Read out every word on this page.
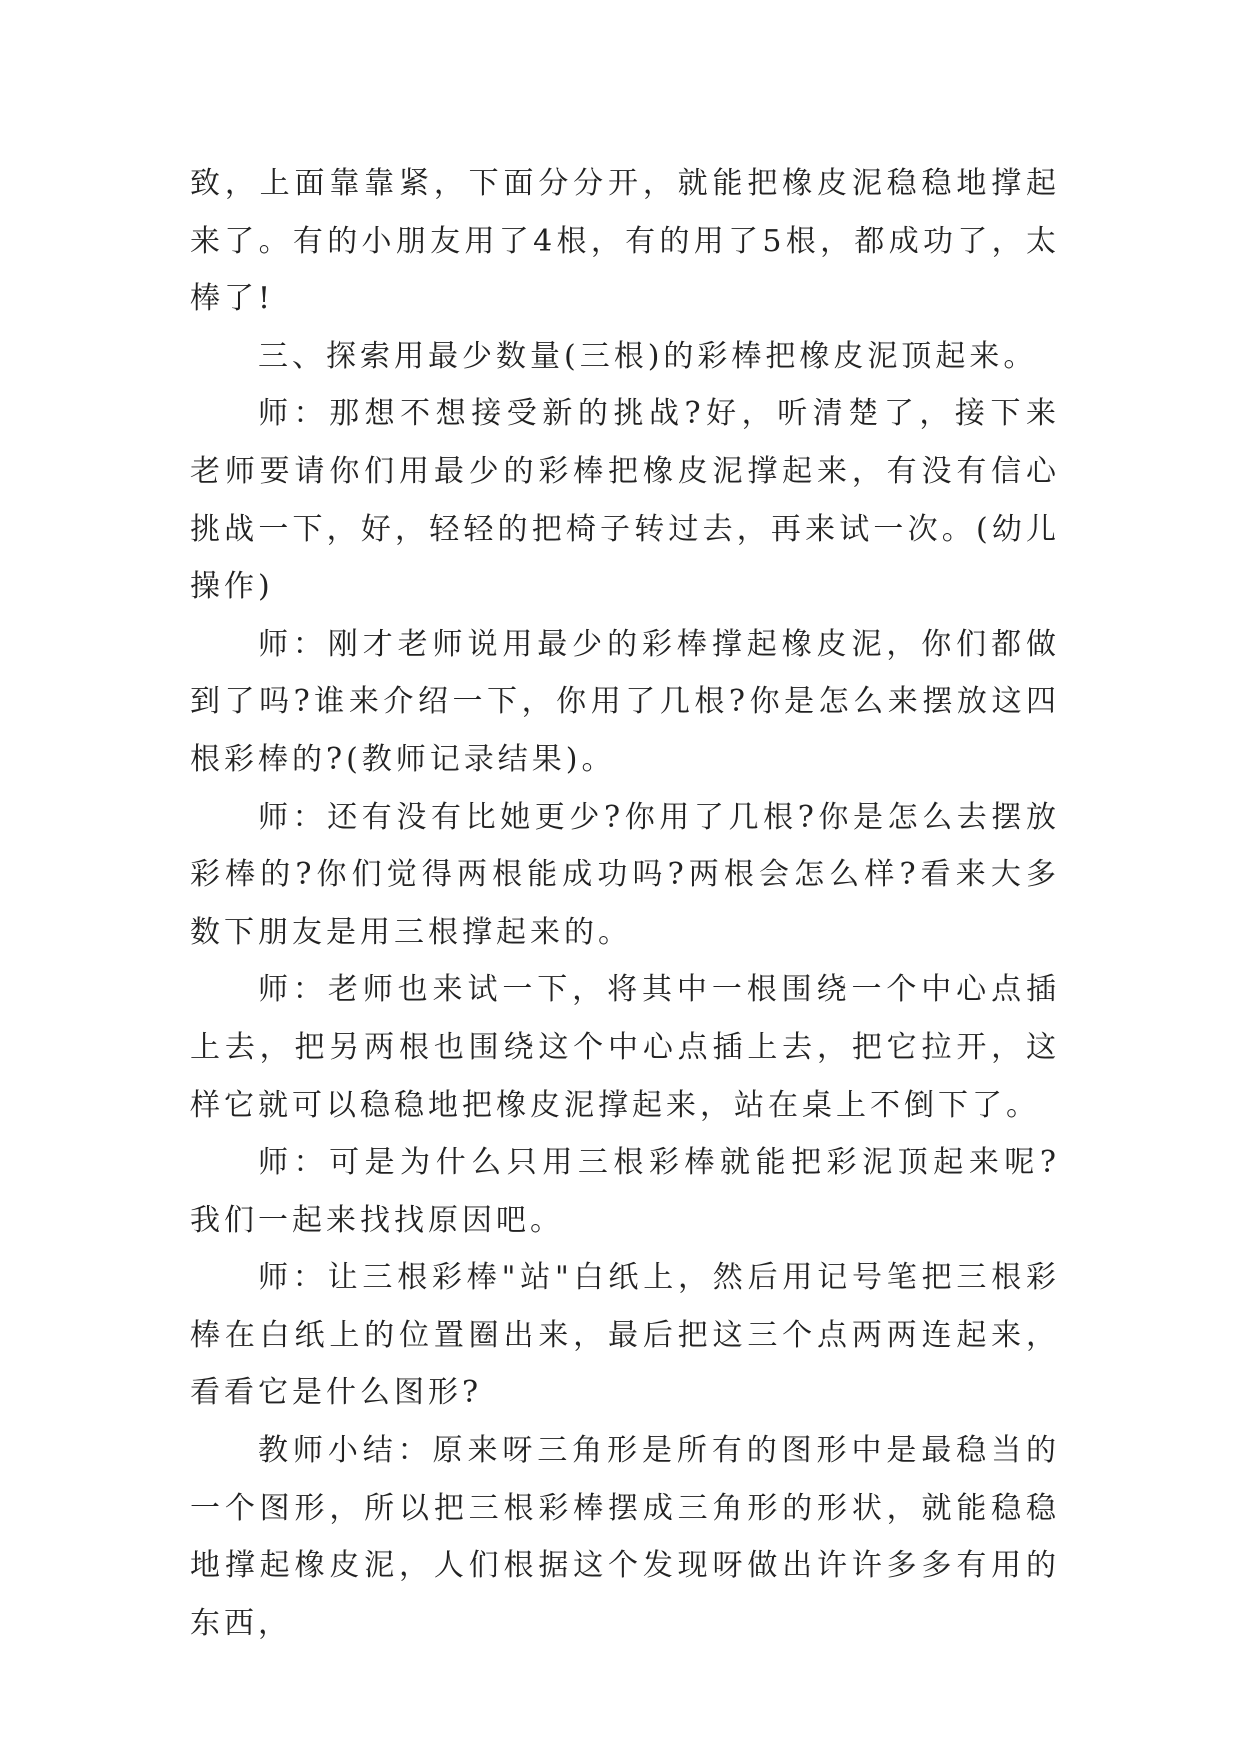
致，上面靠靠紧，下面分分开，就能把橡皮泥稳稳地撑起来了。有的小朋友用了4根，有的用了5根，都成功了，太棒了!

三、探索用最少数量(三根)的彩棒把橡皮泥顶起来。

师：那想不想接受新的挑战?好，听清楚了，接下来老师要请你们用最少的彩棒把橡皮泥撑起来，有没有信心挑战一下，好，轻轻的把椅子转过去，再来试一次。(幼儿操作)

师：刚才老师说用最少的彩棒撑起橡皮泥，你们都做到了吗?谁来介绍一下，你用了几根?你是怎么来摆放这四根彩棒的?(教师记录结果)。

师：还有没有比她更少?你用了几根?你是怎么去摆放彩棒的?你们觉得两根能成功吗?两根会怎么样?看来大多数下朋友是用三根撑起来的。

师：老师也来试一下，将其中一根围绕一个中心点插上去，把另两根也围绕这个中心点插上去，把它拉开，这样它就可以稳稳地把橡皮泥撑起来，站在桌上不倒下了。

师：可是为什么只用三根彩棒就能把彩泥顶起来呢?我们一起来找找原因吧。

师：让三根彩棒"站"白纸上，然后用记号笔把三根彩棒在白纸上的位置圈出来，最后把这三个点两两连起来，看看它是什么图形?

教师小结：原来呀三角形是所有的图形中是最稳当的一个图形，所以把三根彩棒摆成三角形的形状，就能稳稳地撑起橡皮泥，人们根据这个发现呀做出许许多多有用的东西，
